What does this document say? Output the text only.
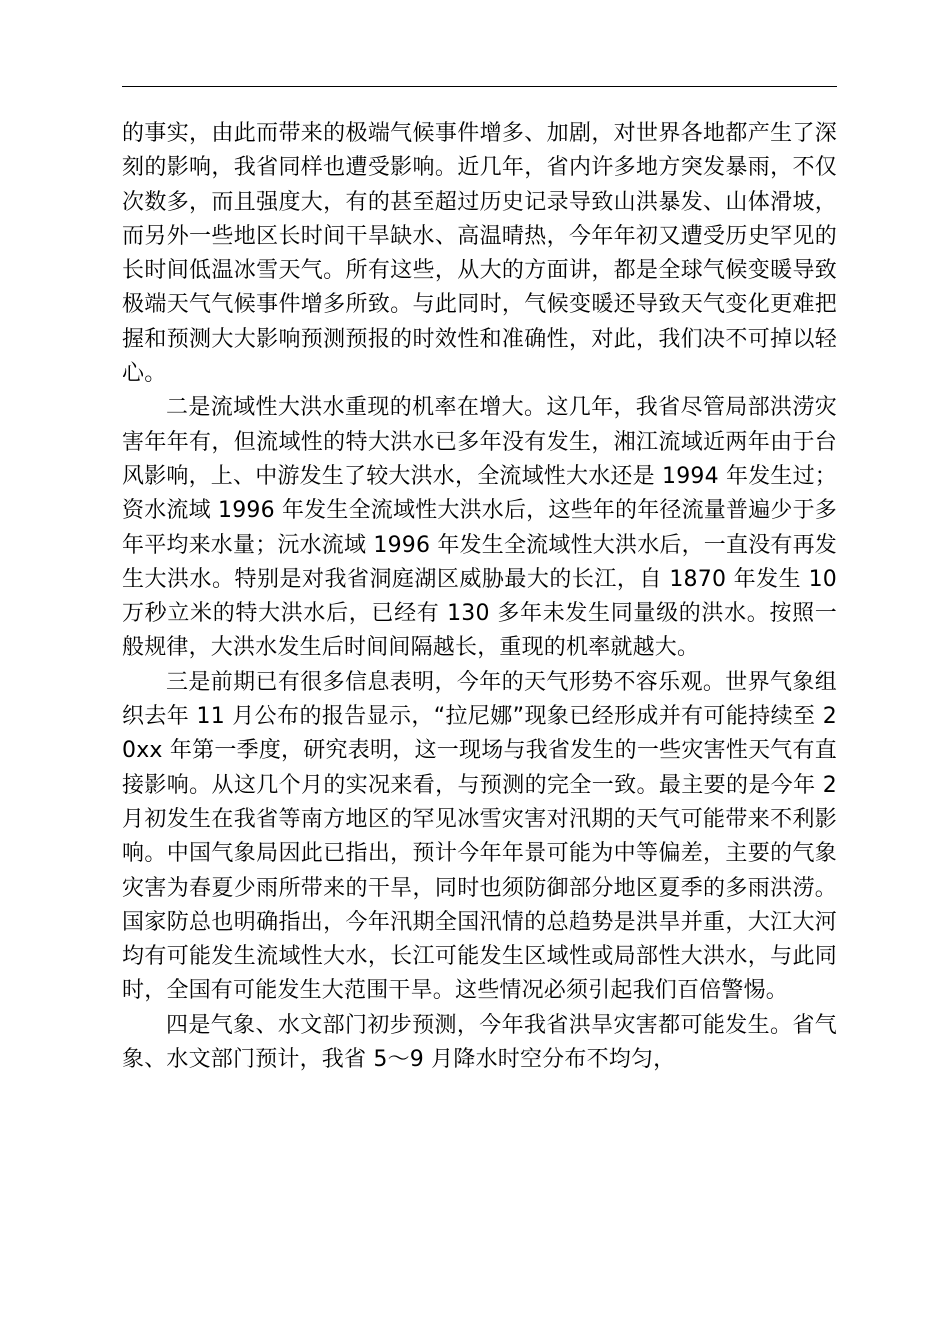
的事实，由此而带来的极端气候事件增多、加剧，对世界各地都产生了深刻的影响，我省同样也遭受影响。近几年，省内许多地方突发暴雨，不仅次数多，而且强度大，有的甚至超过历史记录导致山洪暴发、山体滑坡，而另外一些地区长时间干旱缺水、高温晴热，今年年初又遭受历史罕见的长时间低温冰雪天气。所有这些，从大的方面讲，都是全球气候变暖导致极端天气气候事件增多所致。与此同时，气候变暖还导致天气变化更难把握和预测大大影响预测预报的时效性和准确性，对此，我们决不可掉以轻心。

二是流域性大洪水重现的机率在增大。这几年，我省尽管局部洪涝灾害年年有，但流域性的特大洪水已多年没有发生，湘江流域近两年由于台风影响，上、中游发生了较大洪水，全流域性大水还是 1994 年发生过；资水流域 1996 年发生全流域性大洪水后，这些年的年径流量普遍少于多年平均来水量；沅水流域 1996 年发生全流域性大洪水后，一直没有再发生大洪水。特别是对我省洞庭湖区威胁最大的长江，自 1870 年发生 10 万秒立米的特大洪水后，已经有 130 多年未发生同量级的洪水。按照一般规律，大洪水发生后时间间隔越长，重现的机率就越大。

三是前期已有很多信息表明，今年的天气形势不容乐观。世界气象组织去年 11 月公布的报告显示，“拉尼娜”现象已经形成并有可能持续至 20xx 年第一季度，研究表明，这一现场与我省发生的一些灾害性天气有直接影响。从这几个月的实况来看，与预测的完全一致。最主要的是今年 2 月初发生在我省等南方地区的罕见冰雪灾害对汛期的天气可能带来不利影响。中国气象局因此已指出，预计今年年景可能为中等偏差，主要的气象灾害为春夏少雨所带来的干旱，同时也须防御部分地区夏季的多雨洪涝。国家防总也明确指出，今年汛期全国汛情的总趋势是洪旱并重，大江大河均有可能发生流域性大水，长江可能发生区域性或局部性大洪水，与此同时，全国有可能发生大范围干旱。这些情况必须引起我们百倍警惕。

四是气象、水文部门初步预测，今年我省洪旱灾害都可能发生。省气象、水文部门预计，我省 5～9 月降水时空分布不均匀，
